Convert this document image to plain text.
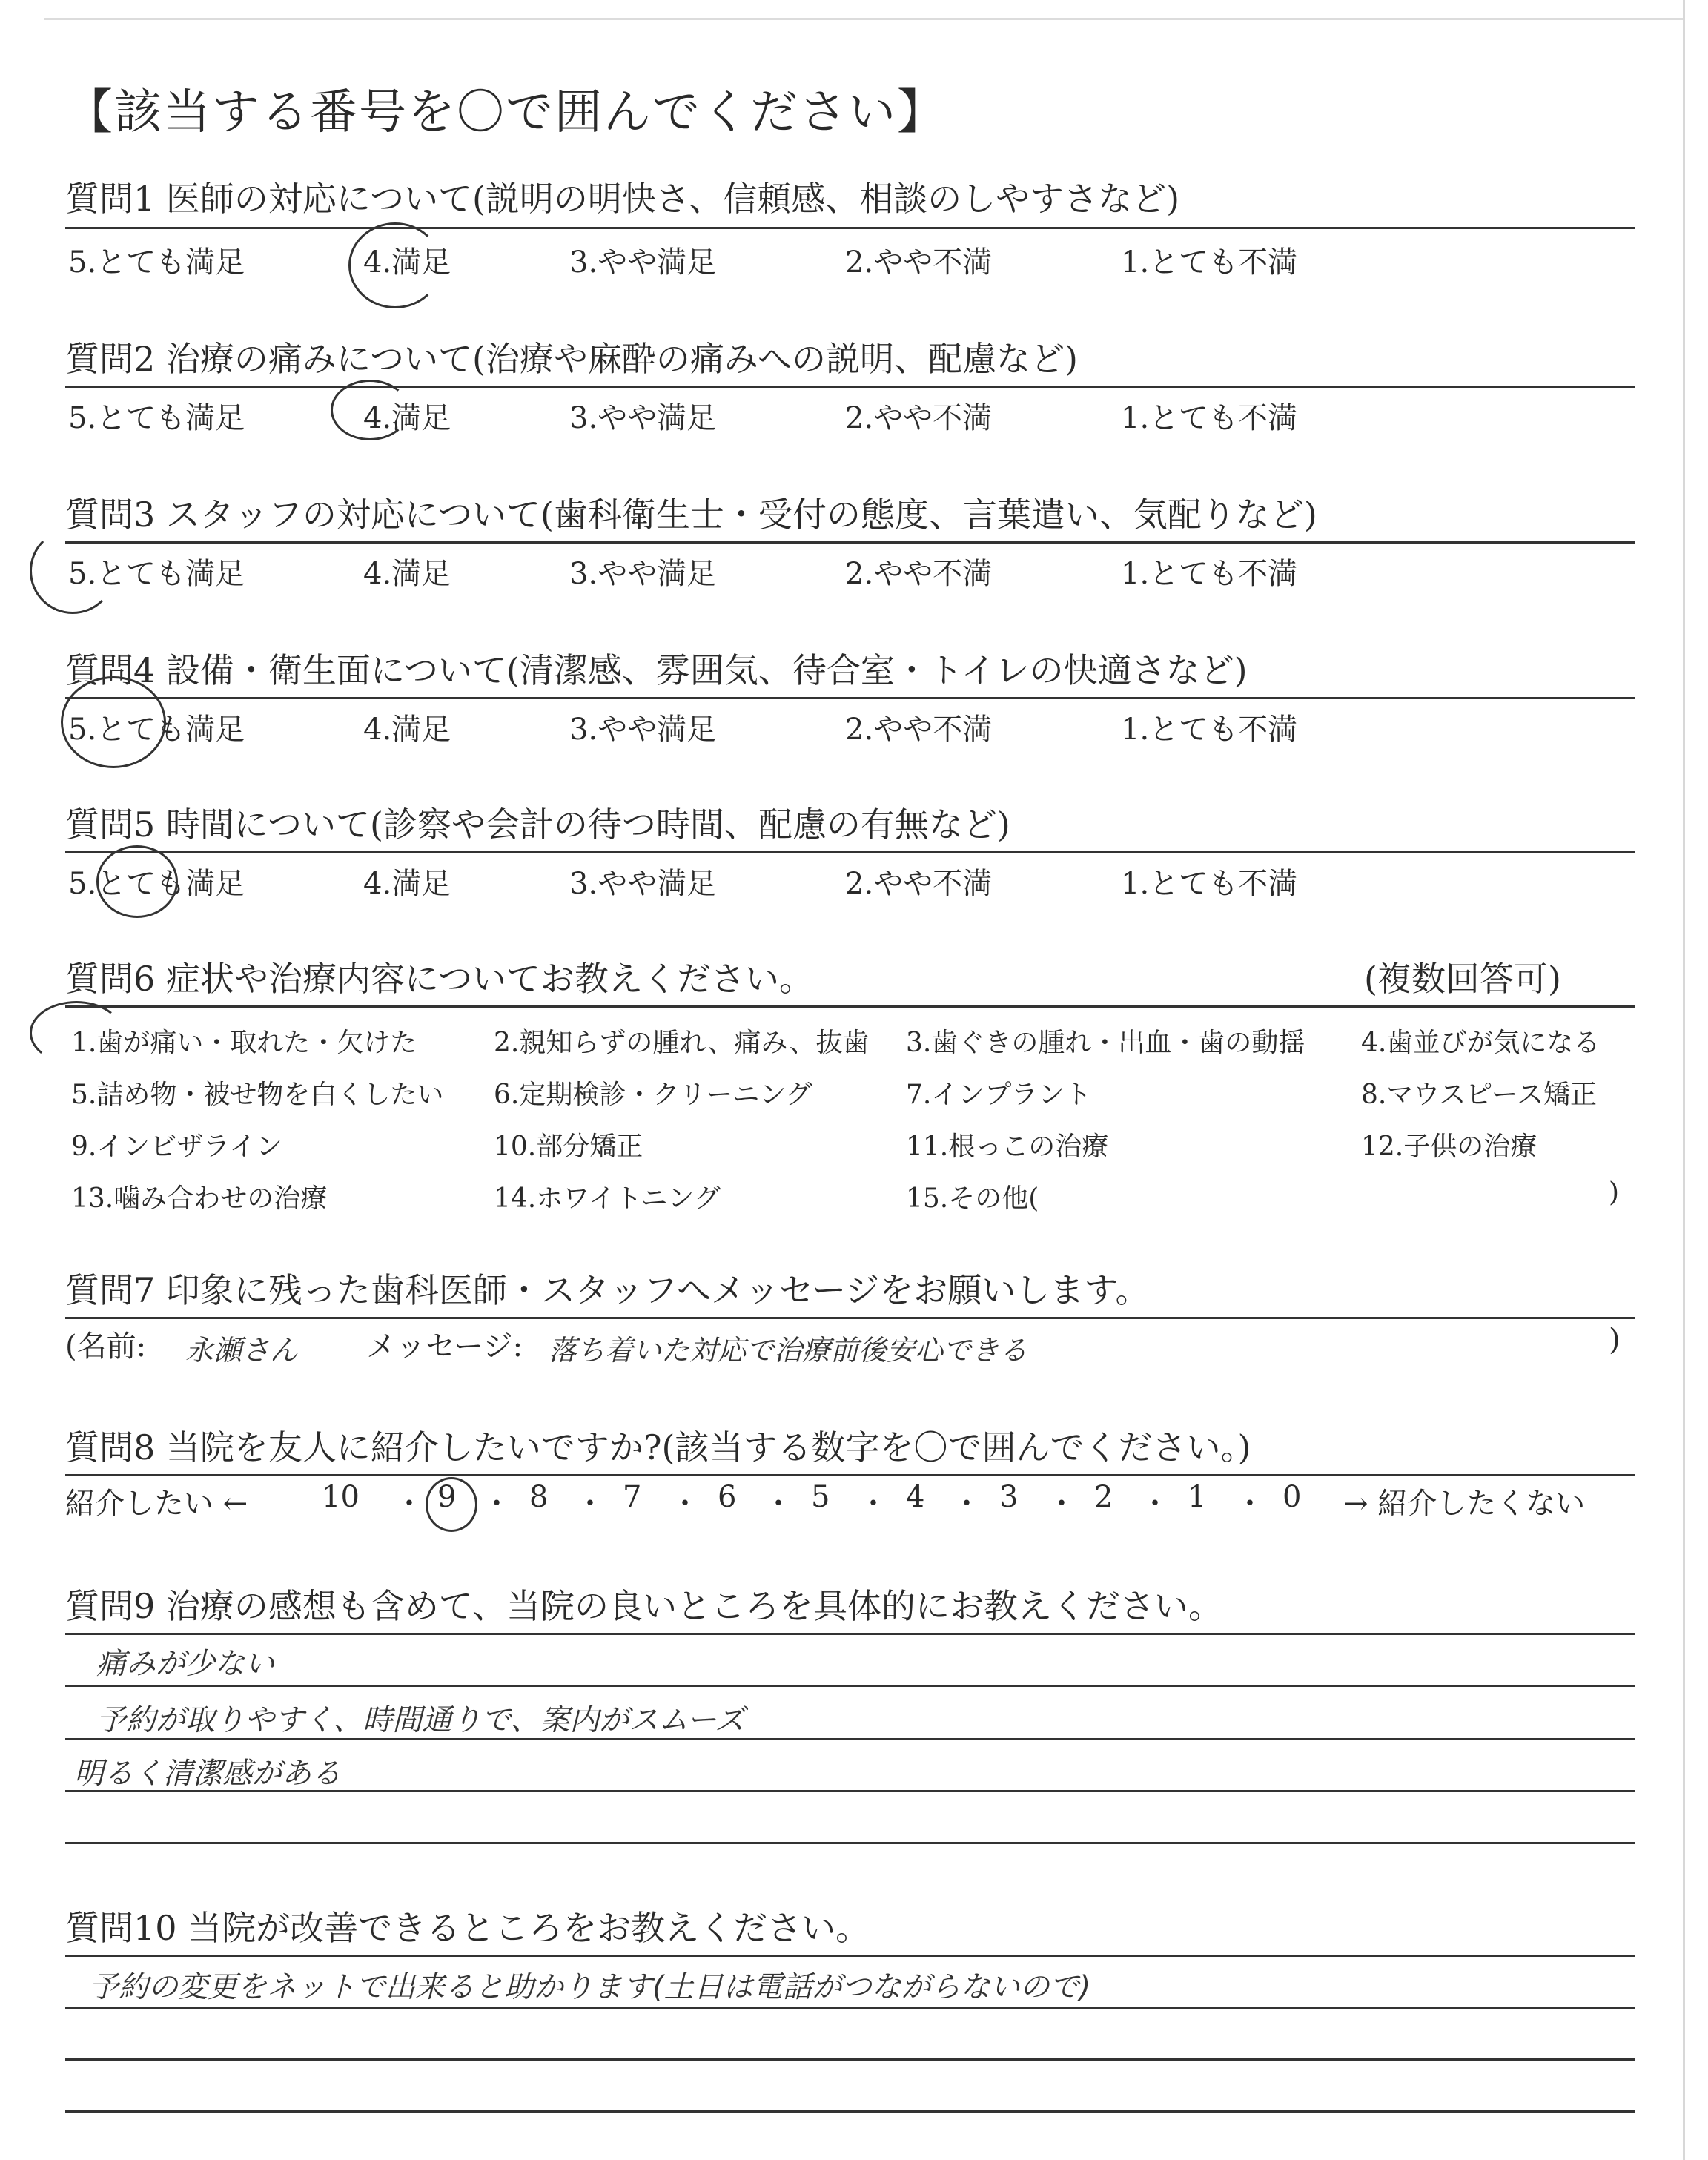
【該当する番号を〇で囲んでください】
質問1 医師の対応について(説明の明快さ、信頼感、相談のしやすさなど)
5.とても満足	4.満足	3.やや満足	2.やや不満	1.とても不満
質問2 治療の痛みについて(治療や麻酔の痛みへの説明、配慮など)
5.とても満足	4.満足	3.やや満足	2.やや不満	1.とても不満
質問3 スタッフの対応について(歯科衛生士・受付の態度、言葉遣い、気配りなど)
5.とても満足	4.満足	3.やや満足	2.やや不満	1.とても不満
質問4 設備・衛生面について(清潔感、雰囲気、待合室・トイレの快適さなど)
5.とても満足	4.満足	3.やや満足	2.やや不満	1.とても不満
質問5 時間について(診察や会計の待つ時間、配慮の有無など)
5.とても満足	4.満足	3.やや満足	2.やや不満	1.とても不満
質問6 症状や治療内容についてお教えください。	(複数回答可)
1.歯が痛い・取れた・欠けた	2.親知らずの腫れ、痛み、抜歯 3.歯ぐきの腫れ・出血・歯の動揺 4.歯並びが気になる
5.詰め物・被せ物を白くしたい 6.定期検診・クリーニング	7.インプラント	8.マウスピース矯正
9.インビザライン	10.部分矯正	11.根っこの治療	12.子供の治療
13.噛み合わせの治療	14.ホワイトニング	15.その他(	)
質問7 印象に残った歯科医師・スタッフへメッセージをお願いします。
(名前: 永瀬さん メッセージ: 落ち着いた対応で治療前後安心できる	)
質問8 当院を友人に紹介したいですか?(該当する数字を〇で囲んでください。)
紹介したい ← 10	9 8	7	6	5	4	3	2	1	0 → 紹介したくない
・ ・ ・ ・ ・ ・ ・ ・ ・ ・
質問9 治療の感想も含めて、当院の良いところを具体的にお教えください。
痛みが少ない
予約が取りやすく、時間通りで、案内がスムーズ
明るく清潔感がある
質問10 当院が改善できるところをお教えください。
予約の変更をネットで出来ると助かります(土日は電話がつながらないので)
